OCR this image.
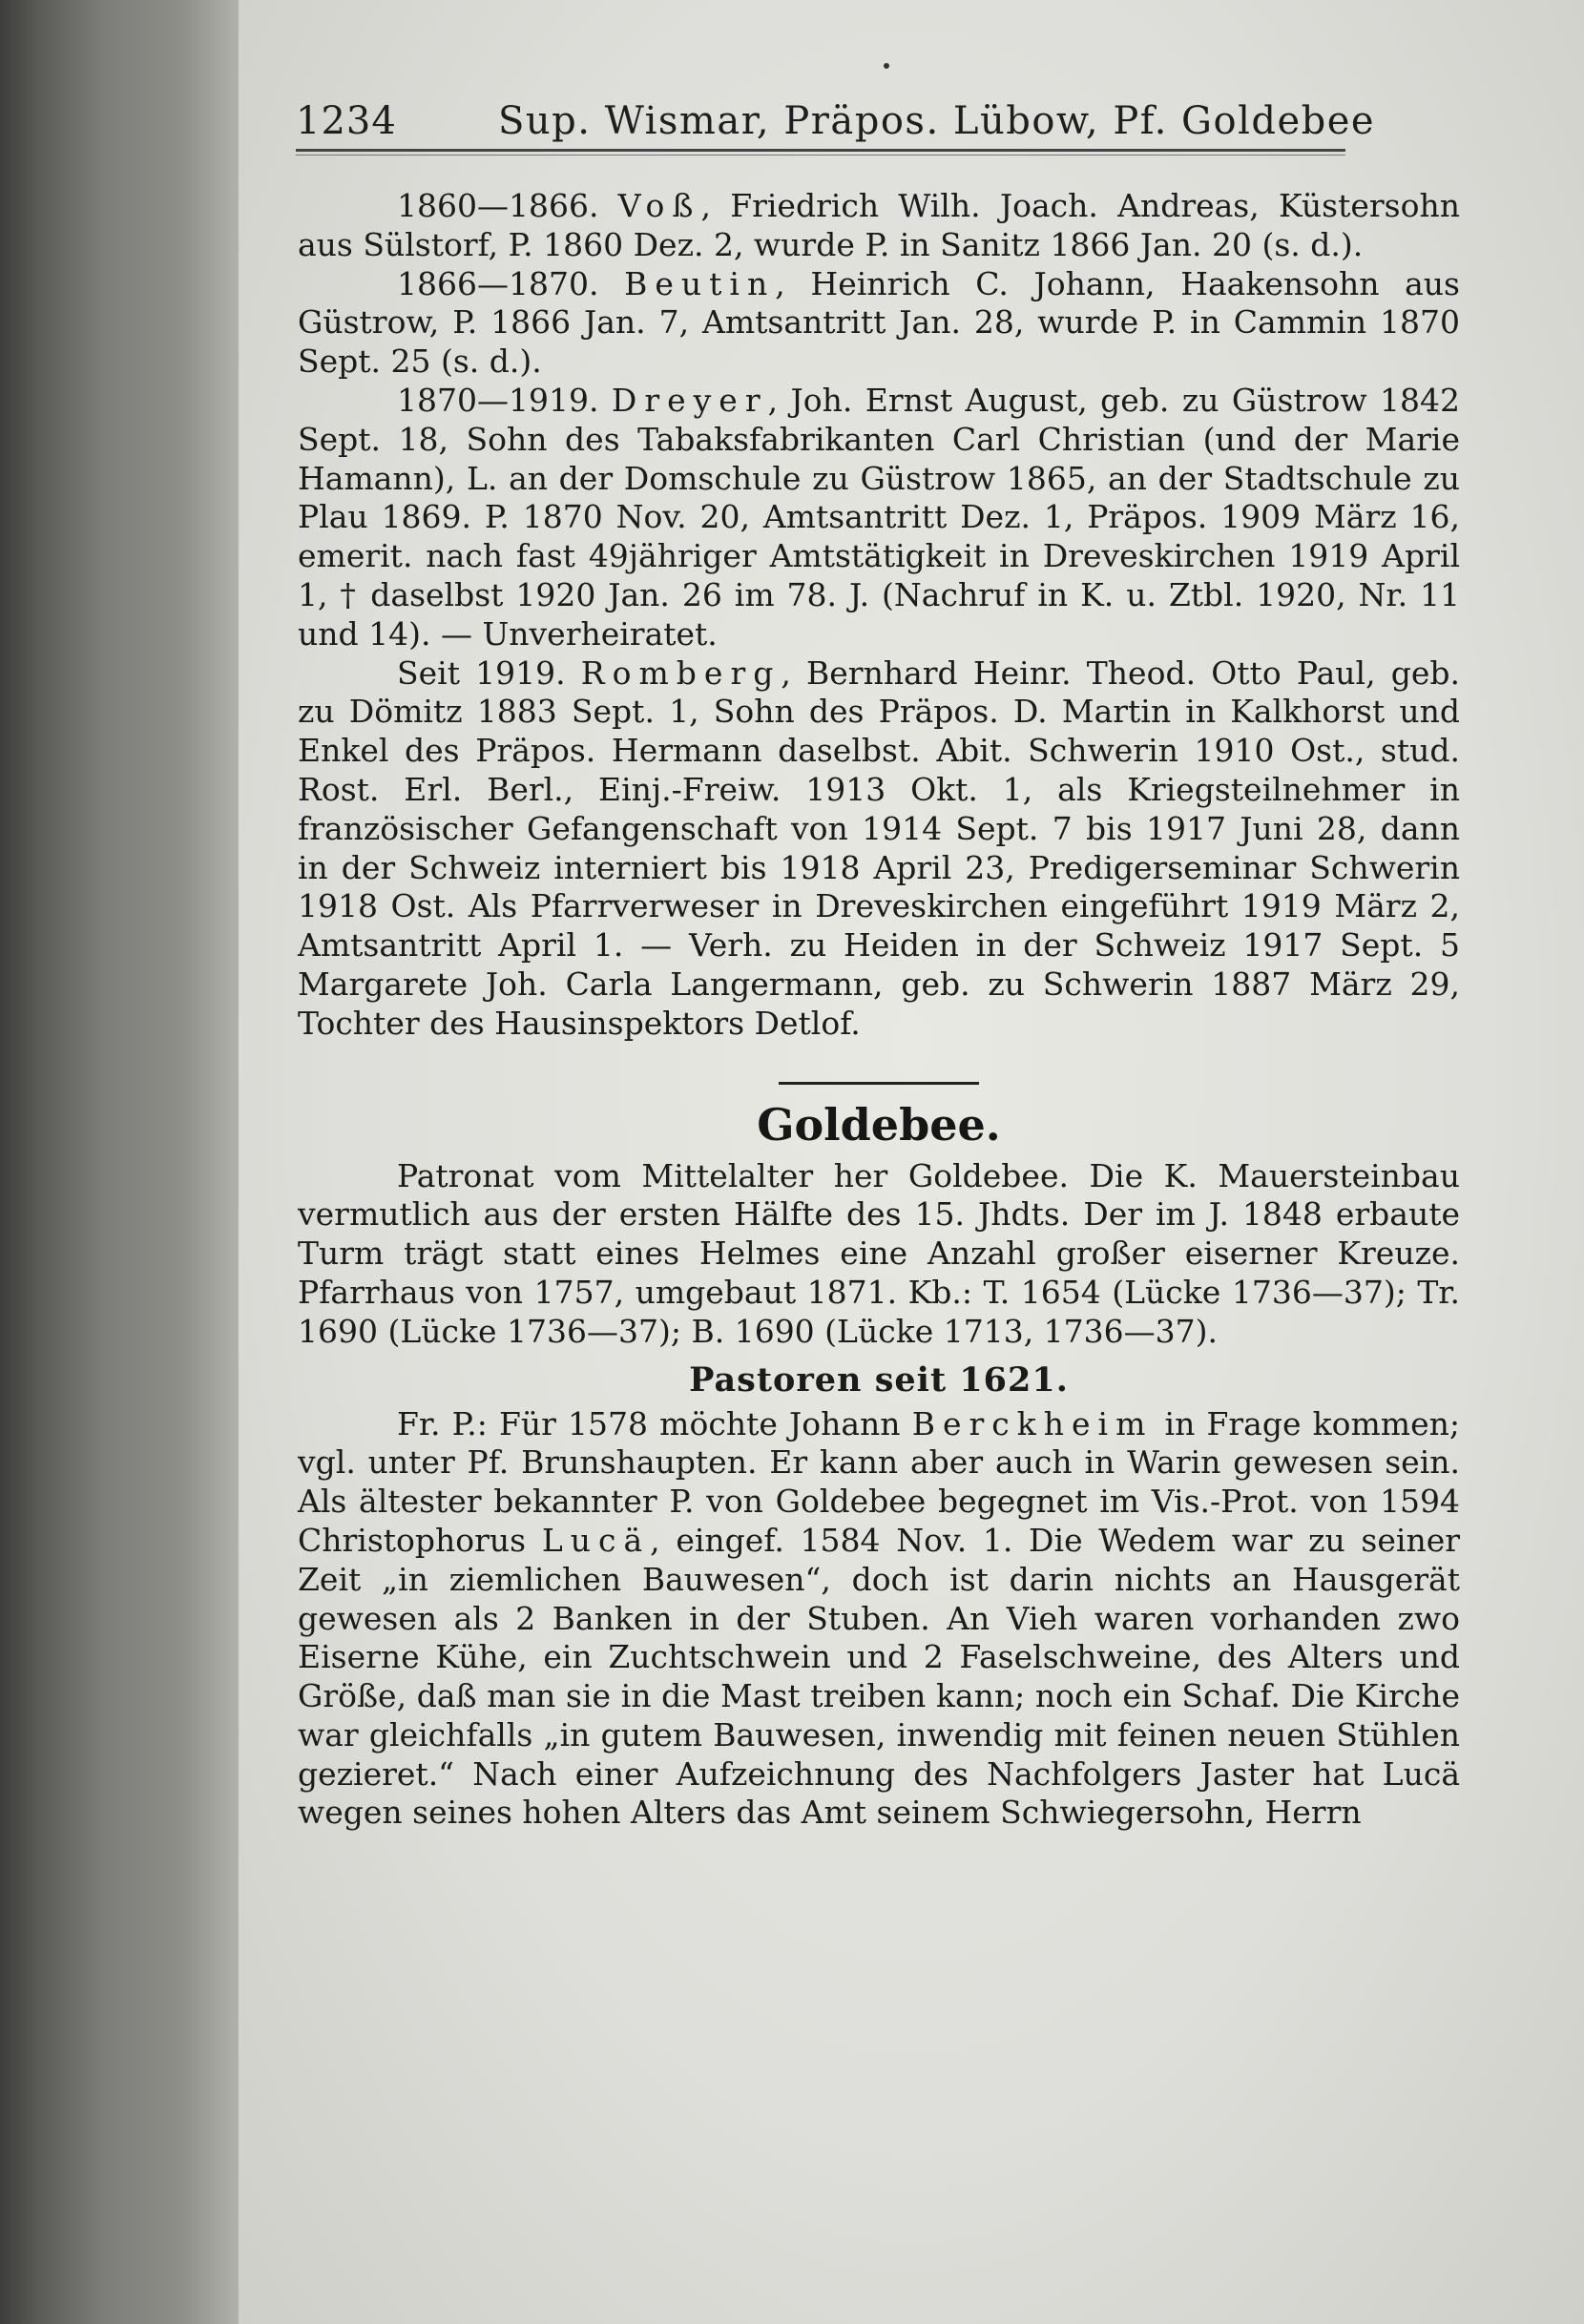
1234	Sup. Wismar, Präpos. Lübow, Pf. Goldebee

1860—1866. Voß, Friedrich Wilh. Joach. Andreas, Küstersohn aus Sülstorf, P. 1860 Dez. 2, wurde P. in Sanitz 1866 Jan. 20 (s. d.).

1866—1870. Beutin, Heinrich C. Johann, Haakensohn aus Güstrow, P. 1866 Jan. 7, Amtsantritt Jan. 28, wurde P. in Cammin 1870 Sept. 25 (s. d.).

1870—1919. Dreyer, Joh. Ernst August, geb. zu Güstrow 1842 Sept. 18, Sohn des Tabaksfabrikanten Carl Christian (und der Marie Hamann), L. an der Domschule zu Güstrow 1865, an der Stadtschule zu Plau 1869. P. 1870 Nov. 20, Amtsantritt Dez. 1, Präpos. 1909 März 16, emerit. nach fast 49jähriger Amtstätigkeit in Dreveskirchen 1919 April 1, † daselbst 1920 Jan. 26 im 78. J. (Nachruf in K. u. Ztbl. 1920, Nr. 11 und 14). — Unverheiratet.

Seit 1919. Romberg, Bernhard Heinr. Theod. Otto Paul, geb. zu Dömitz 1883 Sept. 1, Sohn des Präpos. D. Martin in Kalkhorst und Enkel des Präpos. Hermann daselbst. Abit. Schwerin 1910 Ost., stud. Rost. Erl. Berl., Einj.-Freiw. 1913 Okt. 1, als Kriegsteilnehmer in französischer Gefangenschaft von 1914 Sept. 7 bis 1917 Juni 28, dann in der Schweiz interniert bis 1918 April 23, Predigerseminar Schwerin 1918 Ost. Als Pfarrverweser in Dreveskirchen eingeführt 1919 März 2, Amtsantritt April 1. — Verh. zu Heiden in der Schweiz 1917 Sept. 5 Margarete Joh. Carla Langermann, geb. zu Schwerin 1887 März 29, Tochter des Hausinspektors Detlof.

Goldebee.

Patronat vom Mittelalter her Goldebee. Die K. Mauersteinbau vermutlich aus der ersten Hälfte des 15. Jhdts. Der im J. 1848 erbaute Turm trägt statt eines Helmes eine Anzahl großer eiserner Kreuze. Pfarrhaus von 1757, umgebaut 1871. Kb.: T. 1654 (Lücke 1736—37); Tr. 1690 (Lücke 1736—37); B. 1690 (Lücke 1713, 1736—37).

Pastoren seit 1621.

Fr. P.: Für 1578 möchte Johann Berckheim in Frage kommen; vgl. unter Pf. Brunshaupten. Er kann aber auch in Warin gewesen sein. Als ältester bekannter P. von Goldebee begegnet im Vis.-Prot. von 1594 Christophorus Lucä, eingef. 1584 Nov. 1. Die Wedem war zu seiner Zeit „in ziemlichen Bauwesen“, doch ist darin nichts an Hausgerät gewesen als 2 Banken in der Stuben. An Vieh waren vorhanden zwo Eiserne Kühe, ein Zuchtschwein und 2 Faselschweine, des Alters und Größe, daß man sie in die Mast treiben kann; noch ein Schaf. Die Kirche war gleichfalls „in gutem Bauwesen, inwendig mit feinen neuen Stühlen gezieret.“ Nach einer Aufzeichnung des Nachfolgers Jaster hat Lucä wegen seines hohen Alters das Amt seinem Schwiegersohn, Herrn
